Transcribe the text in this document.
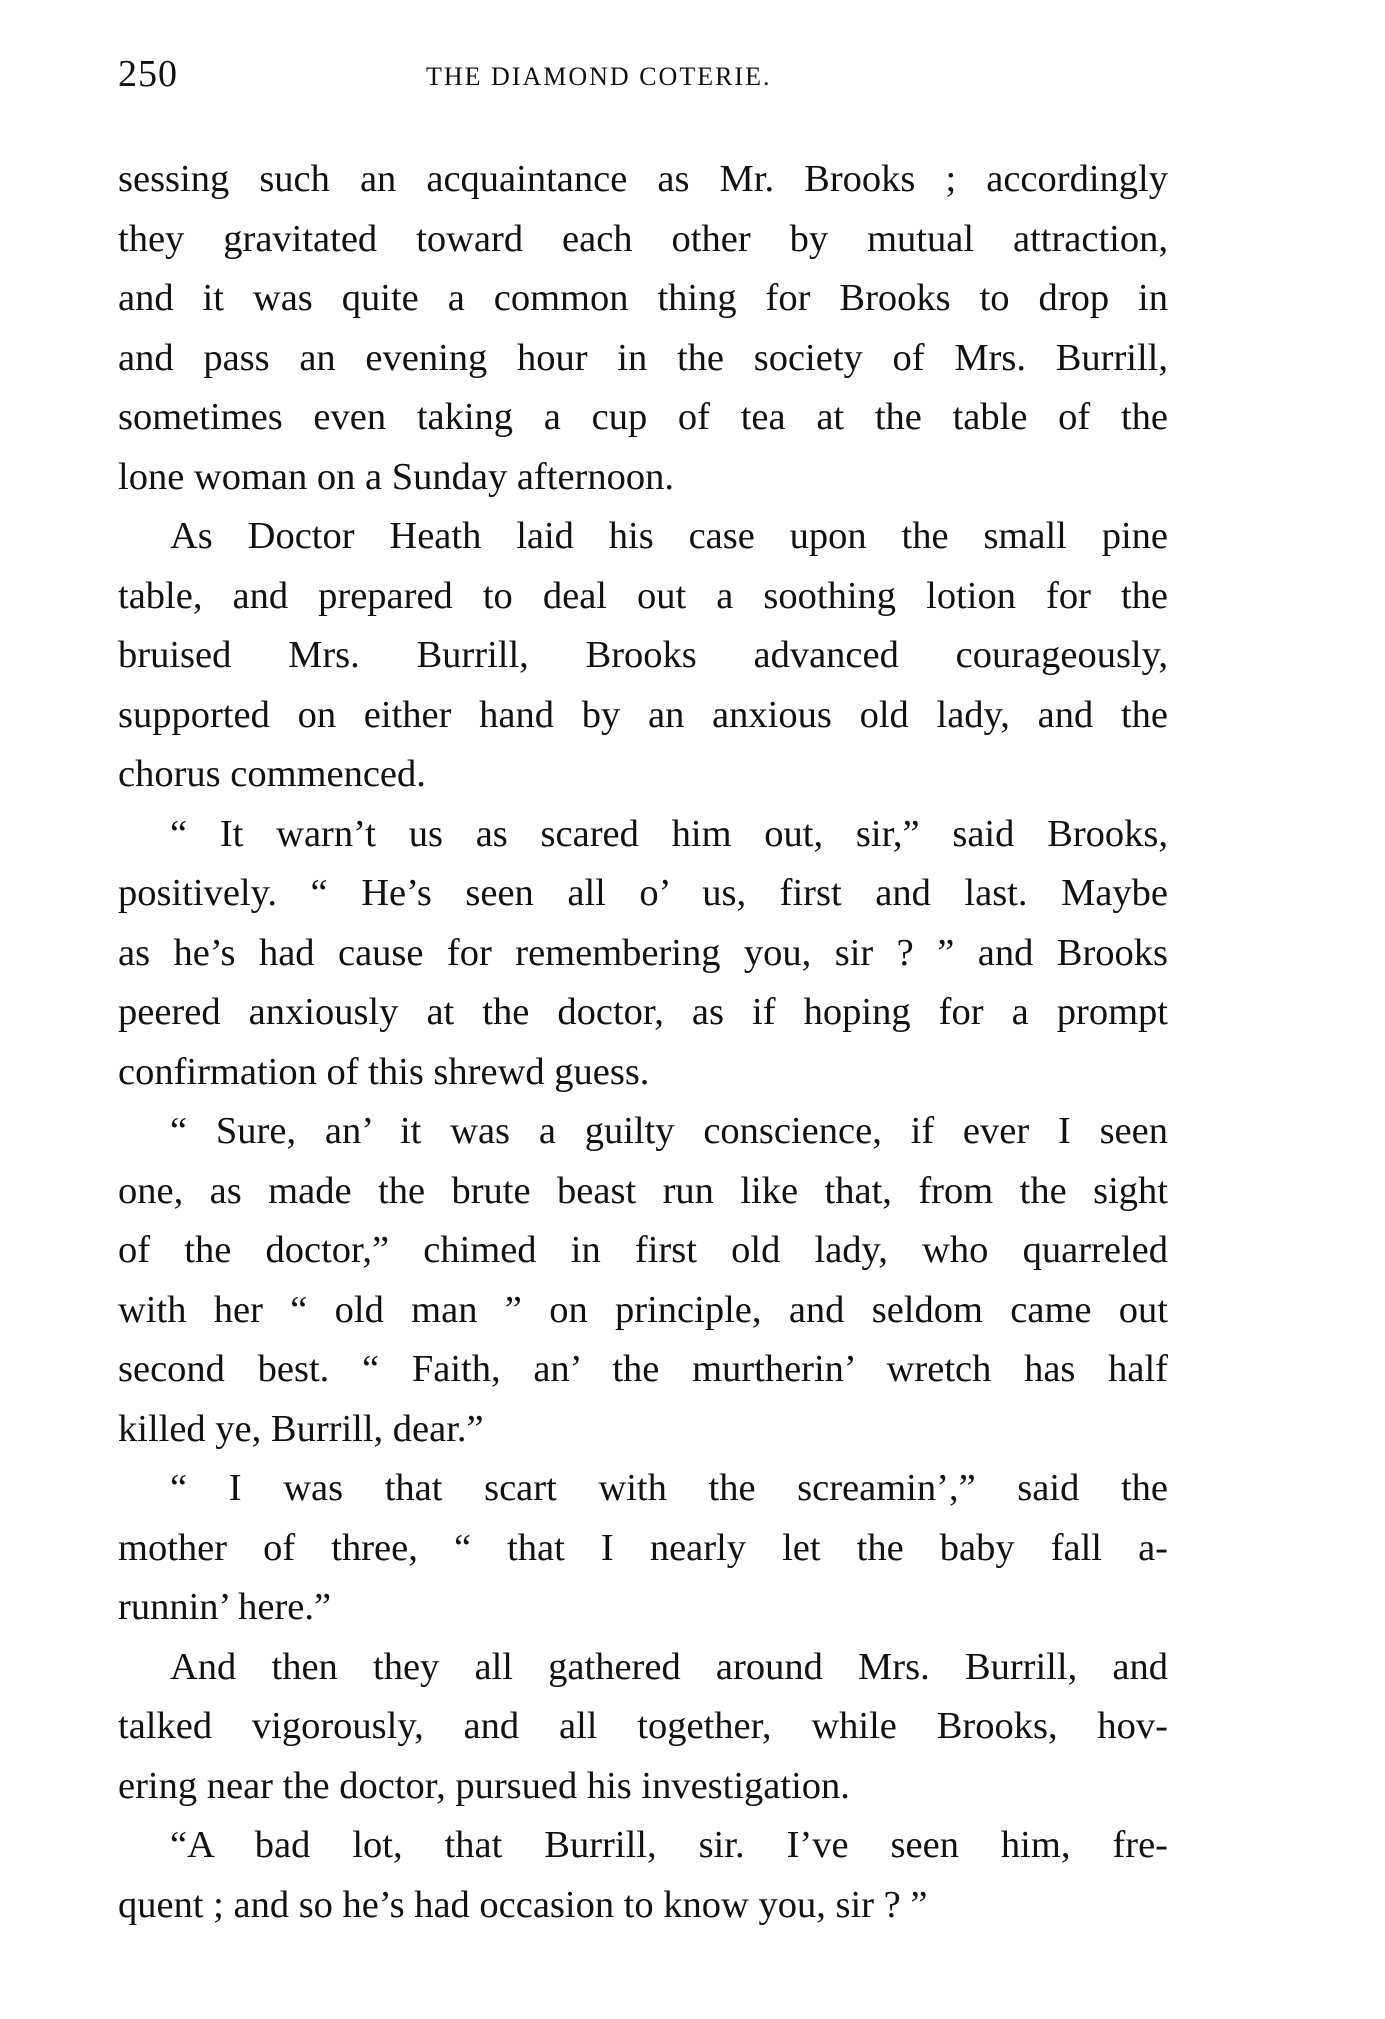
250	THE DIAMOND COTERIE.
sessing such an acquaintance as Mr. Brooks ; accordingly
they gravitated toward each other by mutual attraction,
and it was quite a common thing for Brooks to drop in
and pass an evening hour in the society of Mrs. Burrill,
sometimes even taking a cup of tea at the table of the
lone woman on a Sunday afternoon.
As Doctor Heath laid his case upon the small pine
table, and prepared to deal out a soothing lotion for the
bruised Mrs. Burrill, Brooks advanced courageously,
supported on either hand by an anxious old lady, and the
chorus commenced.
“ It warn’t us as scared him out, sir,” said Brooks,
positively. “ He’s seen all o’ us, first and last. Maybe
as he’s had cause for remembering you, sir ? ” and Brooks
peered anxiously at the doctor, as if hoping for a prompt
confirmation of this shrewd guess.
“ Sure, an’ it was a guilty conscience, if ever I seen
one, as made the brute beast run like that, from the sight
of the doctor,” chimed in first old lady, who quarreled
with her “ old man ” on principle, and seldom came out
second best. “ Faith, an’ the murtherin’ wretch has half
killed ye, Burrill, dear.”
“ I was that scart with the screamin’,” said the
mother of three, “ that I nearly let the baby fall a-
runnin’ here.”
And then they all gathered around Mrs. Burrill, and
talked vigorously, and all together, while Brooks, hov-
ering near the doctor, pursued his investigation.
“A bad lot, that Burrill, sir. I’ve seen him, fre-
quent ; and so he’s had occasion to know you, sir ? ”
